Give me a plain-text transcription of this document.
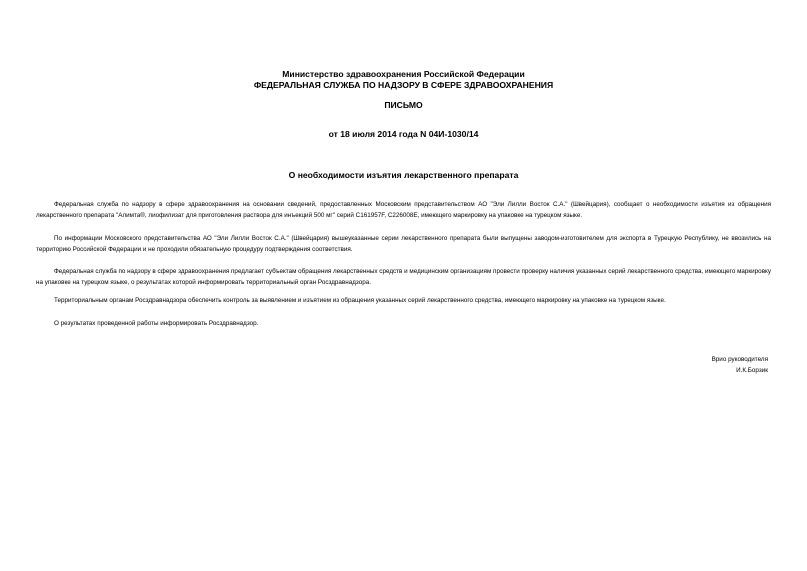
Министерство здравоохранения Российской Федерации
ФЕДЕРАЛЬНАЯ СЛУЖБА ПО НАДЗОРУ В СФЕРЕ ЗДРАВООХРАНЕНИЯ
ПИСЬМО
от 18 июля 2014 года N 04И-1030/14
О необходимости изъятия лекарственного препарата

Федеральная служба по надзору в сфере здравоохранения на основании сведений, предоставленных Московским представительством АО "Эли Лилли Восток С.А." (Швейцария), сообщает о необходимости изъятия из обращения лекарственного препарата "Алимта®, лиофилизат для приготовления раствора для инъекций 500 мг" серий C161957F, C226008E, имеющего маркировку на упаковке на турецком языке.

По информации Московского представительства АО "Эли Лилли Восток С.А." (Швейцария) вышеуказанные серии лекарственного препарата были выпущены заводом-изготовителем для экспорта в Турецкую Республику, не ввозились на территорию Российской Федерации и не проходили обязательную процедуру подтверждения соответствия.

Федеральная служба по надзору в сфере здравоохранения предлагает субъектам обращения лекарственных средств и медицинским организациям провести проверку наличия указанных серий лекарственного средства, имеющего маркировку на упаковке на турецком языке, о результатах которой информировать территориальный орган Росздравнадзора.

Территориальным органам Росздравнадзора обеспечить контроль за выявлением и изъятием из обращения указанных серий лекарственного средства, имеющего маркировку на упаковке на турецком языке.

О результатах проведенной работы информировать Росздравнадзор.

Врио руководителя
И.К.Борзик
